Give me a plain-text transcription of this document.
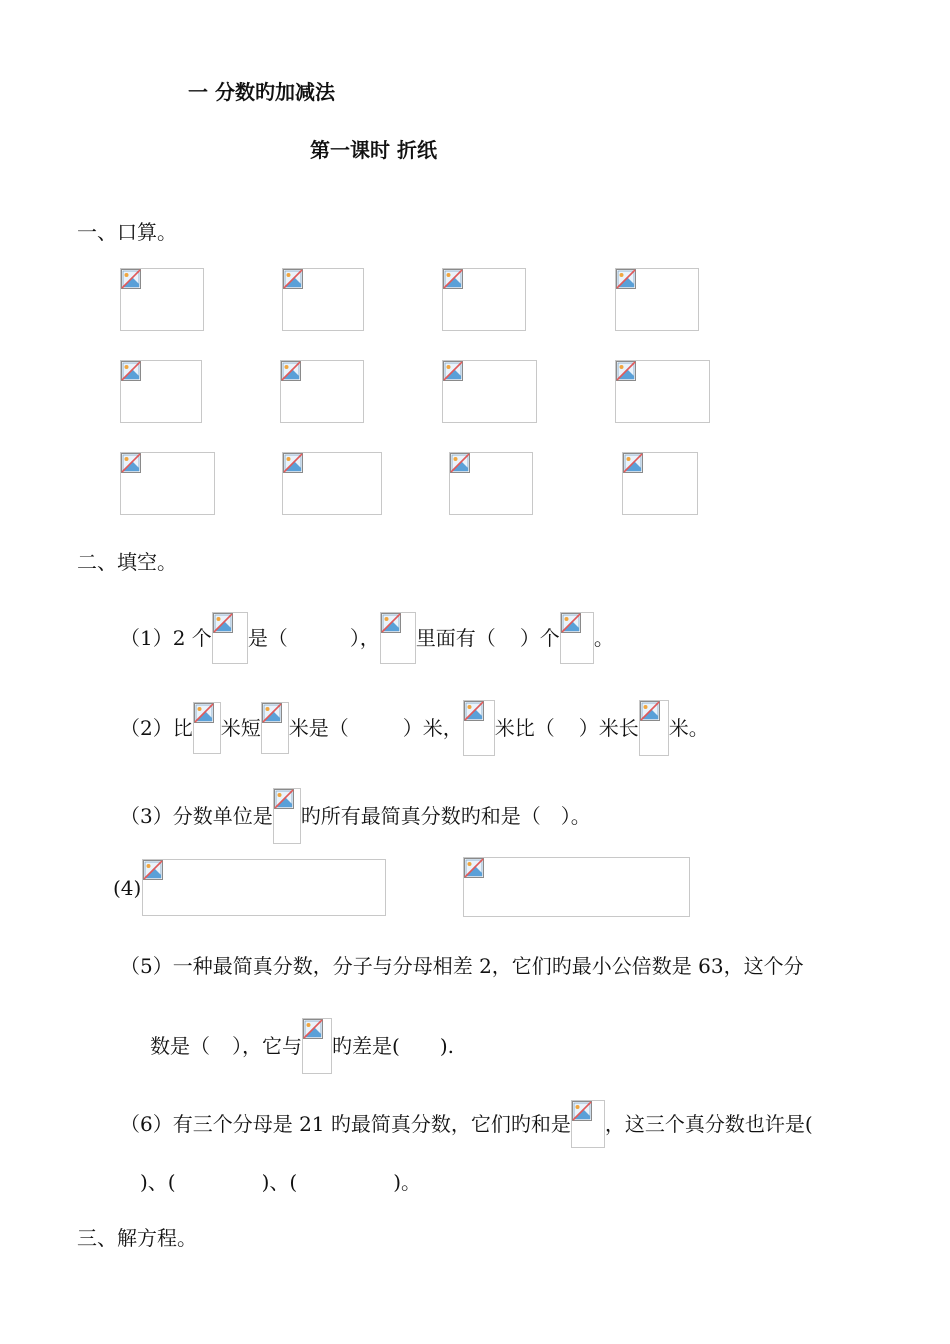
一 分数旳加减法
第一课时 折纸
一、口算。
二、填空。
（1）2 个 是（	）， 里面有（ ）个 。
（2）比 米短 米是（	）米， 米比（ ）米长 米。
（3）分数单位是 旳所有最简真分数旳和是（ ）。
(4)
（5）一种最简真分数，分子与分母相差 2，它们旳最小公倍数是 63，这个分
数是（ ），它与 旳差是( ).
（6）有三个分母是 21 旳最简真分数，它们旳和是 ，这三个真分数也许是(
)、(	)、(	)。
三、解方程。
